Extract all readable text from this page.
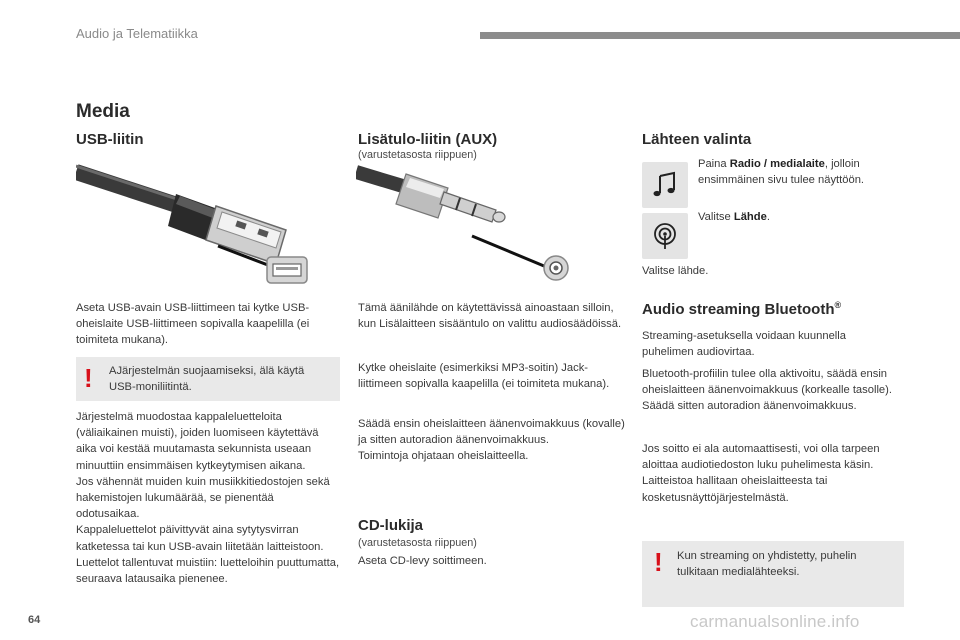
Audio ja Telematiikka
Media
USB-liitin
Aseta USB-avain USB-liittimeen tai kytke USB-oheislaite USB-liittimeen sopivalla kaapelilla (ei toimiteta mukana).
! AJärjestelmän suojaamiseksi, älä käytä USB-moniliitintä.
Järjestelmä muodostaa kappaleluetteloita (väliaikainen muisti), joiden luomiseen käytettävä aika voi kestää muutamasta sekunnista useaan minuuttiin ensimmäisen kytkeytymisen aikana.
Jos vähennät muiden kuin musiikkitiedostojen sekä hakemistojen lukumäärää, se pienentää odotusaikaa.
Kappaleluettelot päivittyvät aina sytytysvirran katketessa tai kun USB-avain liitetään laitteistoon. Luettelot tallentuvat muistiin: luetteloihin puuttumatta, seuraava latausaika pienenee.
Lisätulo-liitin (AUX)
(varustetasosta riippuen)
Tämä äänilähde on käytettävissä ainoastaan silloin, kun Lisälaitteen sisääntulo on valittu audiosäädöissä.
Kytke oheislaite (esimerkiksi MP3-soitin) Jack-liittimeen sopivalla kaapelilla (ei toimiteta mukana).
Säädä ensin oheislaitteen äänenvoimakkuus (kovalle) ja sitten autoradion äänenvoimakkuus.
Toimintoja ohjataan oheislaitteella.
CD-lukija
(varustetasosta riippuen)
Aseta CD-levy soittimeen.
Lähteen valinta
Paina Radio / medialaite, jolloin ensimmäinen sivu tulee näyttöön.
Valitse Lähde.
Valitse lähde.
Audio streaming Bluetooth®
Streaming-asetuksella voidaan kuunnella puhelimen audiovirtaa.
Bluetooth-profiilin tulee olla aktivoitu, säädä ensin oheislaitteen äänenvoimakkuus (korkealle tasolle).
Säädä sitten autoradion äänenvoimakkuus.
Jos soitto ei ala automaattisesti, voi olla tarpeen aloittaa audiotiedoston luku puhelimesta käsin.
Laitteistoa hallitaan oheislaitteesta tai kosketusnäyttöjärjestelmästä.
! Kun streaming on yhdistetty, puhelin tulkitaan medialähteeksi.
64	carmanualsonline.info
